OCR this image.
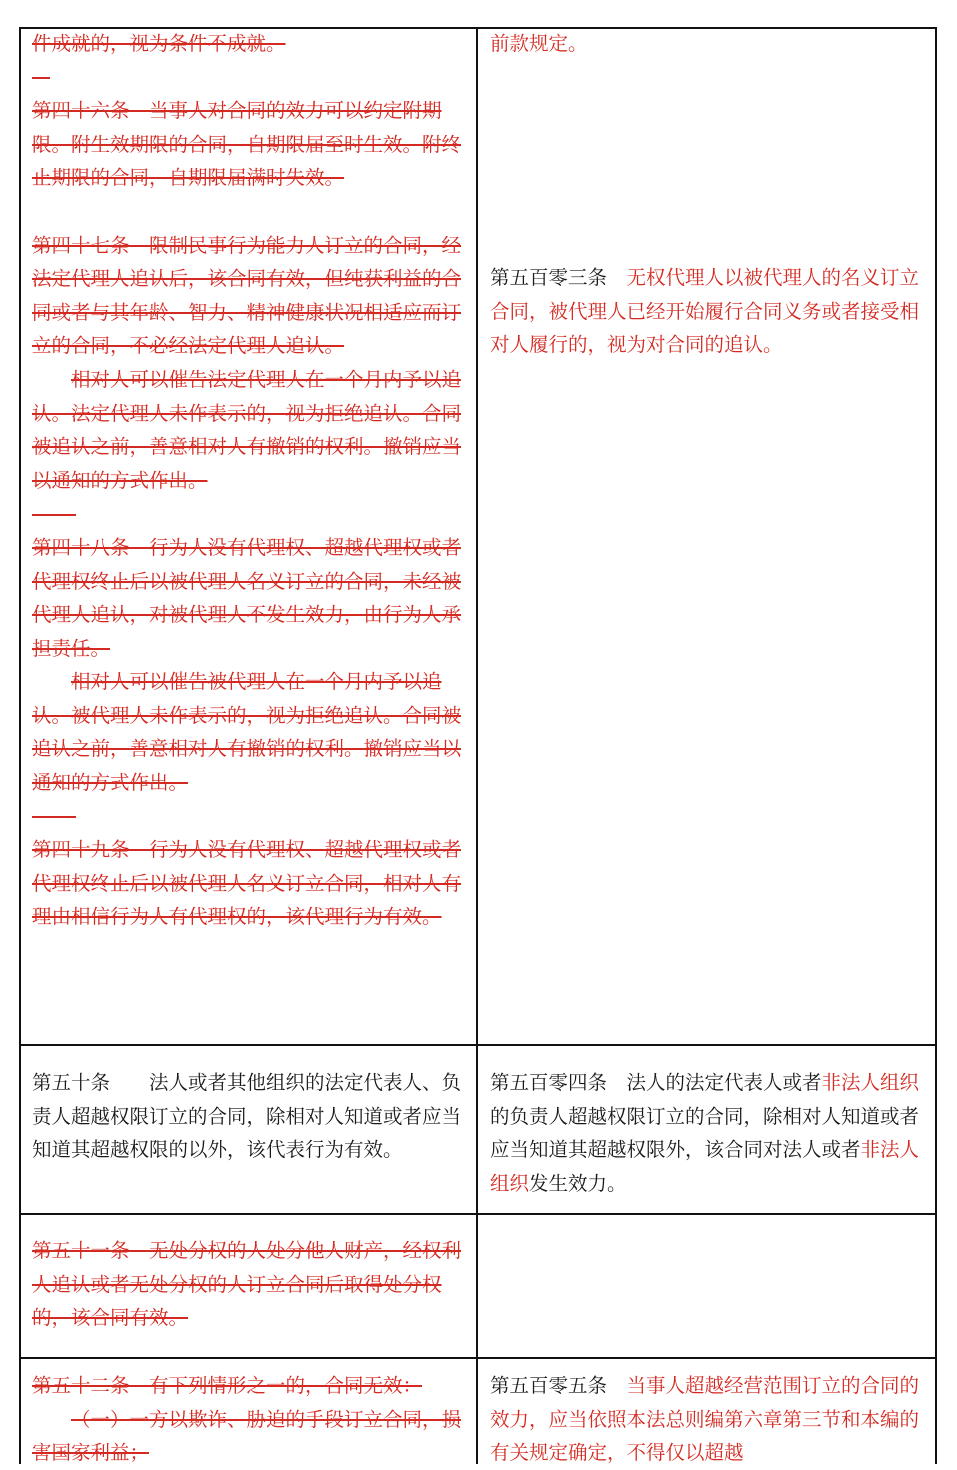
件成就的，视为条件不成就。

第四十六条　当事人对合同的效力可以约定附期限。附生效期限的合同，自期限届至时生效。附终止期限的合同，自期限届满时失效。

第四十七条　限制民事行为能力人订立的合同，经法定代理人追认后，该合同有效，但纯获利益的合同或者与其年龄、智力、精神健康状况相适应而订立的合同，不必经法定代理人追认。

相对人可以催告法定代理人在一个月内予以追认。法定代理人未作表示的，视为拒绝追认。合同被追认之前，善意相对人有撤销的权利。撤销应当以通知的方式作出。

第四十八条　行为人没有代理权、超越代理权或者代理权终止后以被代理人名义订立的合同，未经被代理人追认，对被代理人不发生效力，由行为人承担责任。

相对人可以催告被代理人在一个月内予以追认。被代理人未作表示的，视为拒绝追认。合同被追认之前，善意相对人有撤销的权利。撤销应当以通知的方式作出。

第四十九条　行为人没有代理权、超越代理权或者代理权终止后以被代理人名义订立合同，相对人有理由相信行为人有代理权的，该代理行为有效。

第五十条 法人或者其他组织的法定代表人、负责人超越权限订立的合同，除相对人知道或者应当知道其超越权限的以外，该代表行为有效。

第五十一条　无处分权的人处分他人财产，经权利人追认或者无处分权的人订立合同后取得处分权的，该合同有效。

第五十二条　有下列情形之一的，合同无效：

（一）一方以欺诈、胁迫的手段订立合同，损害国家利益；

前款规定。

第五百零三条 无权代理人以被代理人的名义订立合同，被代理人已经开始履行合同义务或者接受相对人履行的，视为对合同的追认。

第五百零四条 法人的法定代表人或者非法人组织的负责人超越权限订立的合同，除相对人知道或者应当知道其超越权限外，该合同对法人或者非法人组织发生效力。

第五百零五条 当事人超越经营范围订立的合同的效力，应当依照本法总则编第六章第三节和本编的有关规定确定，不得仅以超越
